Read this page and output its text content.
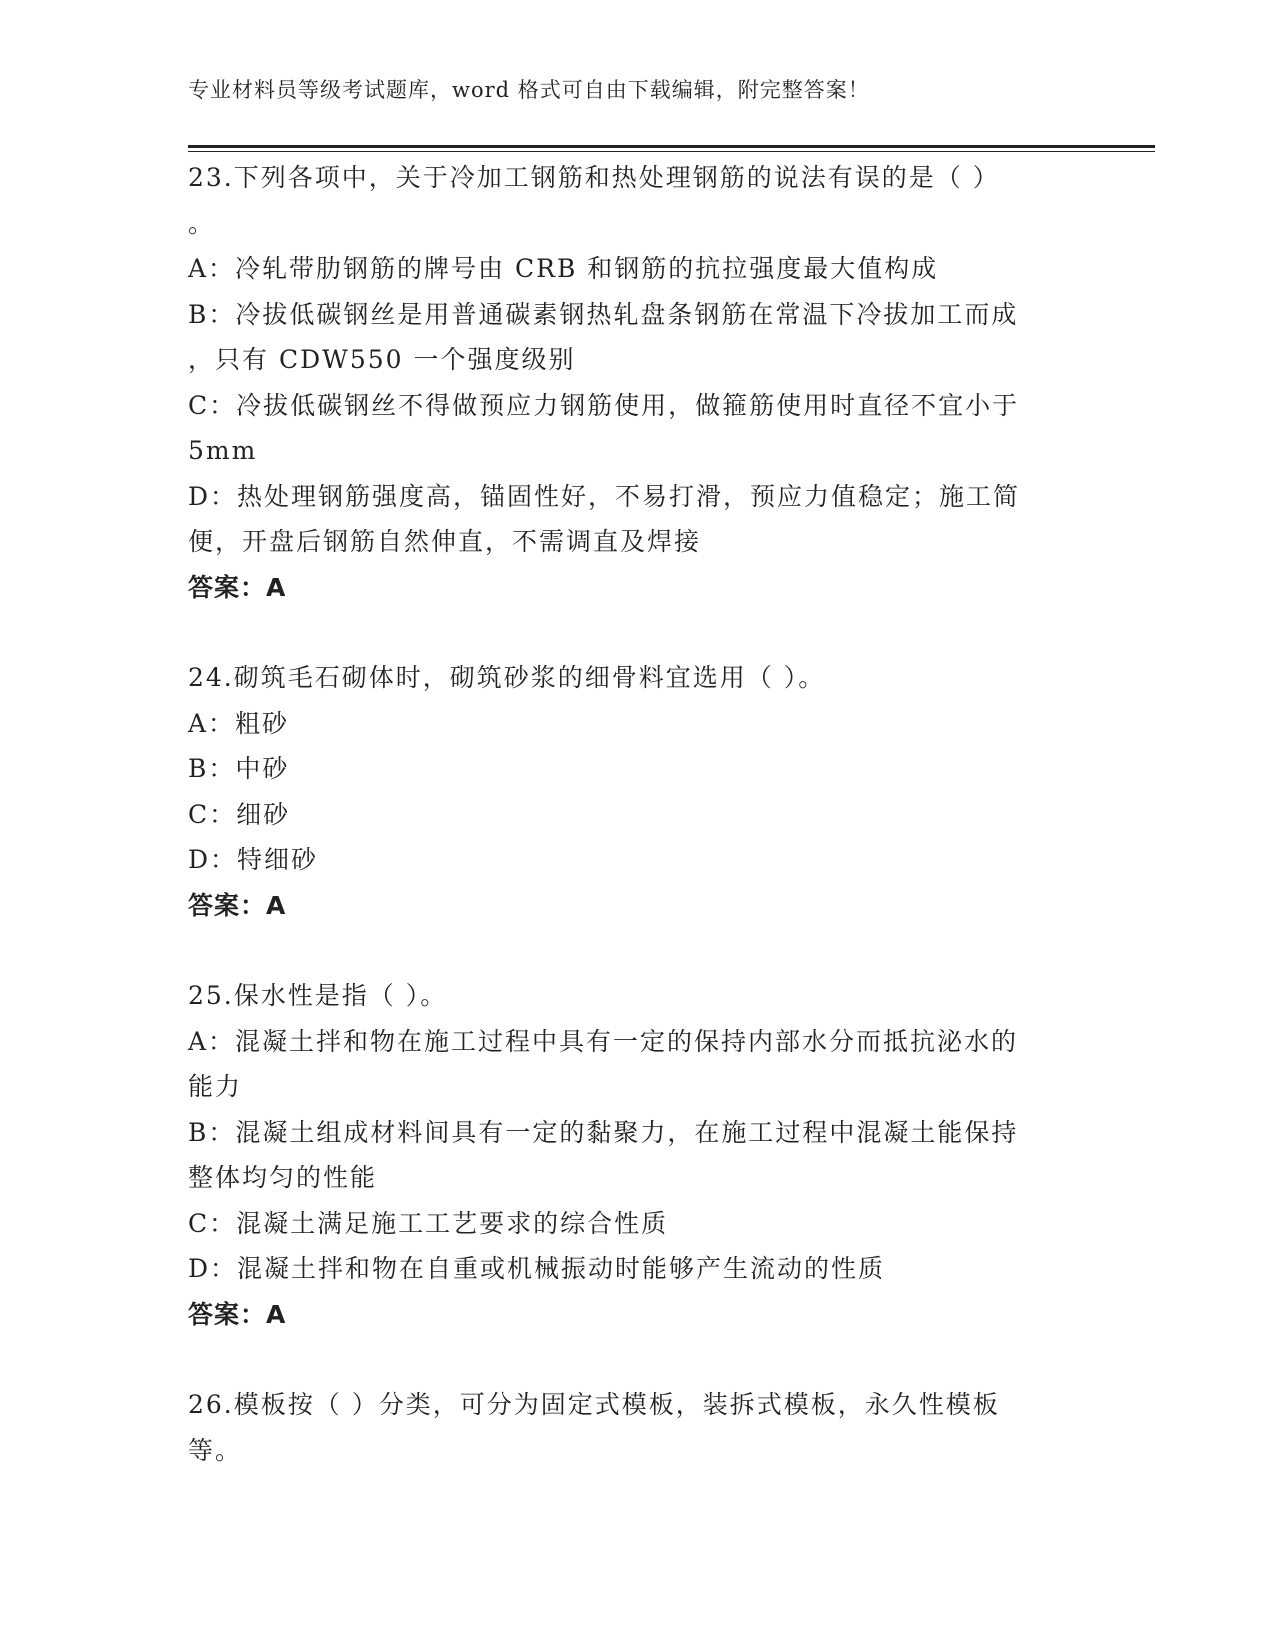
专业材料员等级考试题库，word 格式可自由下载编辑，附完整答案！
23.下列各项中，关于冷加工钢筋和热处理钢筋的说法有误的是（ ）
。
A：冷轧带肋钢筋的牌号由 CRB 和钢筋的抗拉强度最大值构成
B：冷拔低碳钢丝是用普通碳素钢热轧盘条钢筋在常温下冷拔加工而成
，只有 CDW550 一个强度级别
C：冷拔低碳钢丝不得做预应力钢筋使用，做箍筋使用时直径不宜小于
5mm
D：热处理钢筋强度高，锚固性好，不易打滑，预应力值稳定；施工简
便，开盘后钢筋自然伸直，不需调直及焊接
答案：A
24.砌筑毛石砌体时，砌筑砂浆的细骨料宜选用（ ）。
A：粗砂
B：中砂
C：细砂
D：特细砂
答案：A
25.保水性是指（ ）。
A：混凝土拌和物在施工过程中具有一定的保持内部水分而抵抗泌水的
能力
B：混凝土组成材料间具有一定的黏聚力，在施工过程中混凝土能保持
整体均匀的性能
C：混凝土满足施工工艺要求的综合性质
D：混凝土拌和物在自重或机械振动时能够产生流动的性质
答案：A
26.模板按（ ）分类，可分为固定式模板，装拆式模板，永久性模板
等。
